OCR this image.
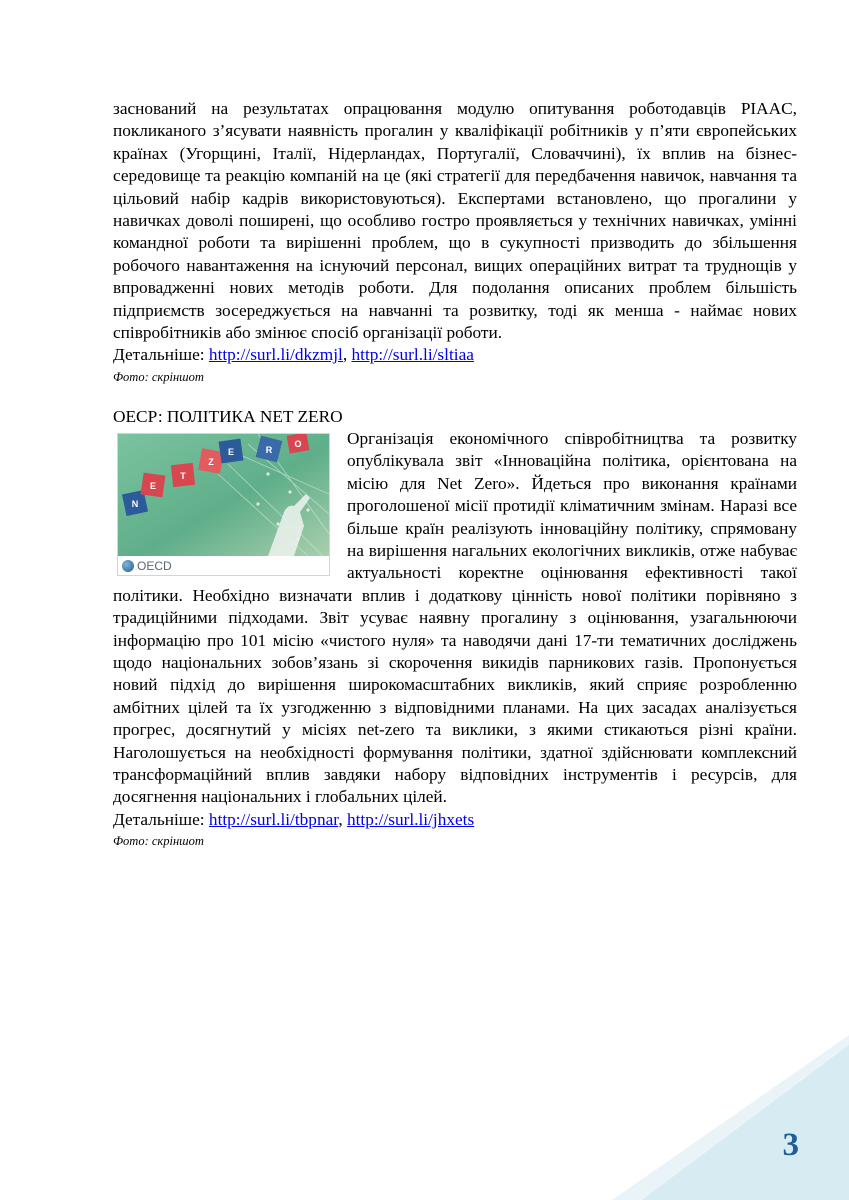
заснований на результатах опрацювання модулю опитування роботодавців PIAAC, покликаного з’ясувати наявність прогалин у кваліфікації робітників у п’яти європейських країнах (Угорщині, Італії, Нідерландах, Португалії, Словаччині), їх вплив на бізнес-середовище та реакцію компаній на це (які стратегії для передбачення навичок, навчання та цільовий набір кадрів використовуються). Експертами встановлено, що прогалини у навичках доволі поширені, що особливо гостро проявляється у технічних навичках, умінні командної роботи та вирішенні проблем, що в сукупності призводить до збільшення робочого навантаження на існуючий персонал, вищих операційних витрат та труднощів у впровадженні нових методів роботи. Для подолання описаних проблем більшість підприємств зосереджується на навчанні та розвитку, тоді як менша - наймає нових співробітників або змінює спосіб організації роботи.

Детальніше: http://surl.li/dkzmjl, http://surl.li/sltiaa

Фото: скріншот

ОЕСР: ПОЛІТИКА NET ZERO

N
E
T
Z
E	R
O
OECD

Організація економічного співробітництва та розвитку опублікувала звіт «Інноваційна політика, орієнтована на місію для Net Zero». Йдеться про виконання країнами проголошеної місії протидії кліматичним змінам. Наразі все більше країн реалізують інноваційну політику, спрямовану на вирішення нагальних екологічних викликів, отже набуває актуальності коректне оцінювання ефективності такої політики. Необхідно визначати вплив і додаткову цінність нової політики порівняно з традиційними підходами. Звіт усуває наявну прогалину з оцінювання, узагальнюючи інформацію про 101 місію «чистого нуля» та наводячи дані 17-ти тематичних досліджень щодо національних зобов’язань зі скорочення викидів парникових газів. Пропонується новий підхід до вирішення широкомасштабних викликів, який сприяє розробленню амбітних цілей та їх узгодженню з відповідними планами. На цих засадах аналізується прогрес, досягнутий у місіях net-zero та виклики, з якими стикаються різні країни. Наголошується на необхідності формування політики, здатної здійснювати комплексний трансформаційний вплив завдяки набору відповідних інструментів і ресурсів, для досягнення національних і глобальних цілей.

Детальніше: http://surl.li/tbpnar, http://surl.li/jhxets

Фото: скріншот

3
